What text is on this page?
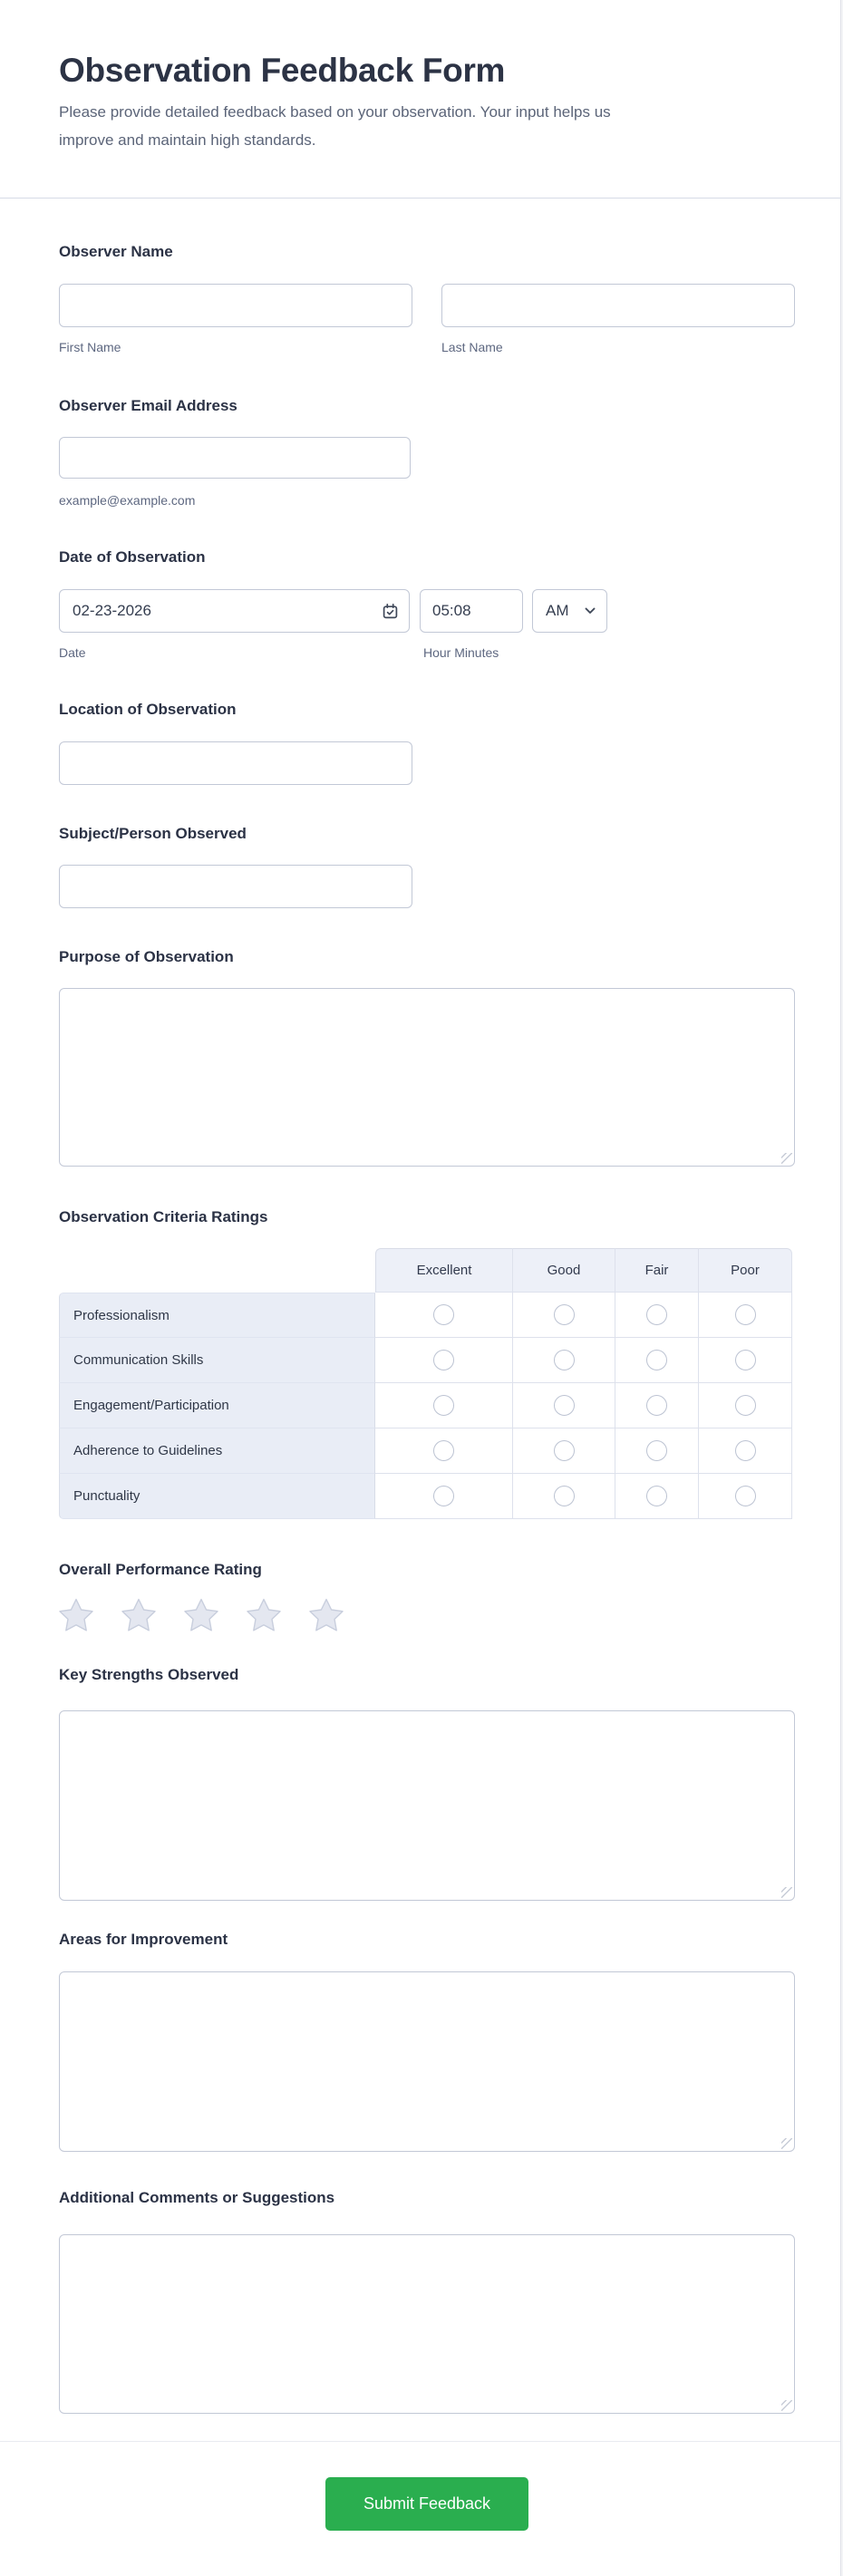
Observation Feedback Form
Please provide detailed feedback based on your observation. Your input helps us
improve and maintain high standards.
Observer Name
First Name	Last Name
Observer Email Address
example@example.com
Date of Observation
02-23-2026
05:08
AM
Date	Hour Minutes
Location of Observation
Subject/Person Observed
Purpose of Observation
Observation Criteria Ratings
Excellent	Good	Fair	Poor
Professionalism
Communication Skills
Engagement/Participation
Adherence to Guidelines
Punctuality
Overall Performance Rating
Key Strengths Observed
Areas for Improvement
Additional Comments or Suggestions
Submit Feedback
